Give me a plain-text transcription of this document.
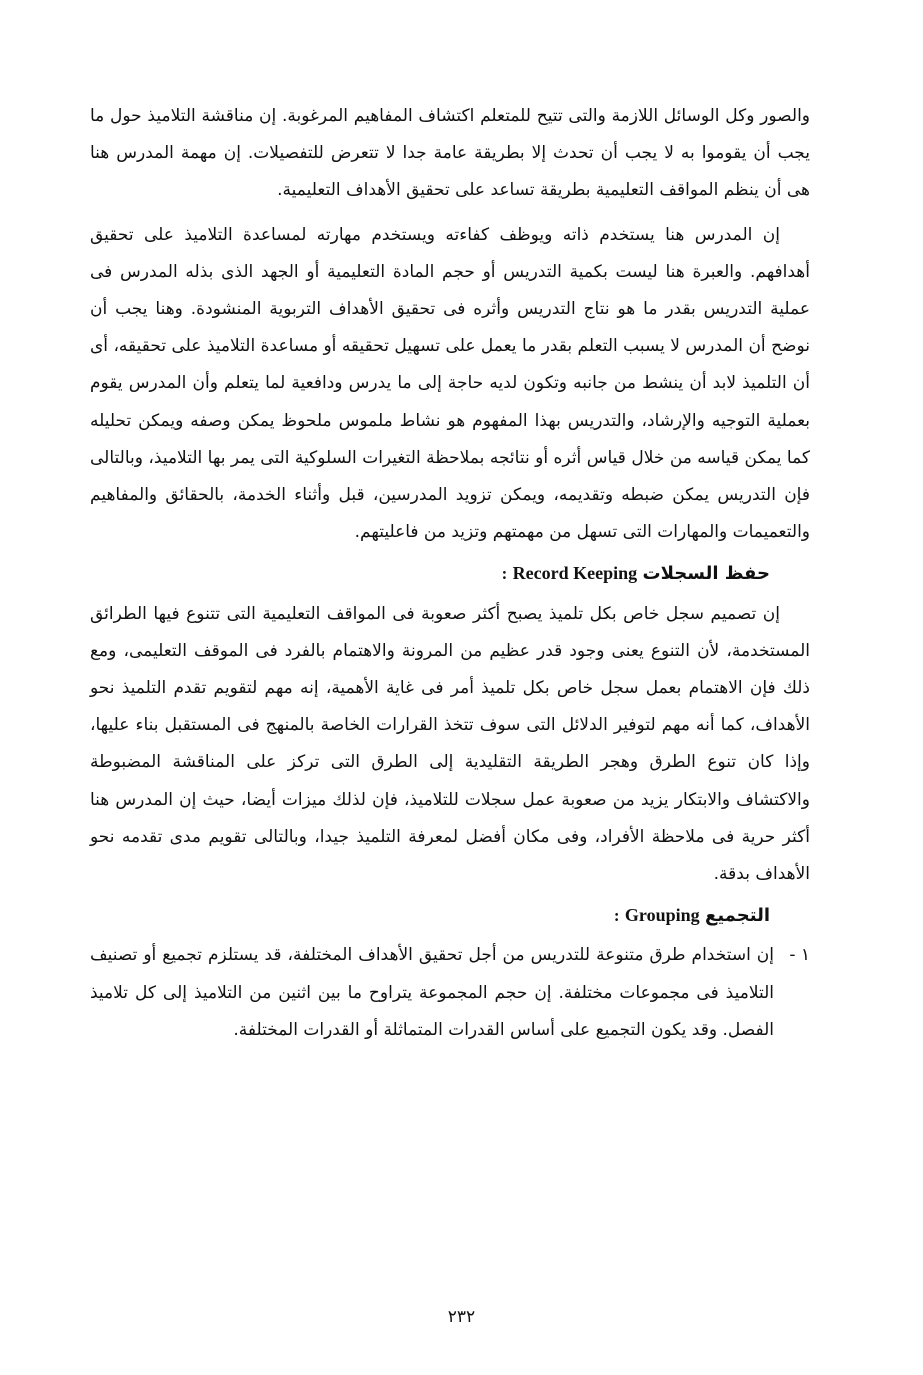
والصور وكل الوسائل اللازمة والتى تتيح للمتعلم اكتشاف المفاهيم المرغوبة. إن مناقشة التلاميذ حول ما يجب أن يقوموا به لا يجب أن تحدث إلا بطريقة عامة جدا لا تتعرض للتفصيلات. إن مهمة المدرس هنا هى أن ينظم المواقف التعليمية بطريقة تساعد على تحقيق الأهداف التعليمية.

إن المدرس هنا يستخدم ذاته ويوظف كفاءته ويستخدم مهارته لمساعدة التلاميذ على تحقيق أهدافهم. والعبرة هنا ليست بكمية التدريس أو حجم المادة التعليمية أو الجهد الذى بذله المدرس فى عملية التدريس بقدر ما هو نتاج التدريس وأثره فى تحقيق الأهداف التربوية المنشودة. وهنا يجب أن نوضح أن المدرس لا يسبب التعلم بقدر ما يعمل على تسهيل تحقيقه أو مساعدة التلاميذ على تحقيقه، أى أن التلميذ لابد أن ينشط من جانبه وتكون لديه حاجة إلى ما يدرس ودافعية لما يتعلم وأن المدرس يقوم بعملية التوجيه والإرشاد، والتدريس بهذا المفهوم هو نشاط ملموس ملحوظ يمكن وصفه ويمكن تحليله كما يمكن قياسه من خلال قياس أثره أو نتائجه بملاحظة التغيرات السلوكية التى يمر بها التلاميذ، وبالتالى فإن التدريس يمكن ضبطه وتقديمه، ويمكن تزويد المدرسين، قبل وأثناء الخدمة، بالحقائق والمفاهيم والتعميمات والمهارات التى تسهل من مهمتهم وتزيد من فاعليتهم.

حفظ السجلات Record Keeping :

إن تصميم سجل خاص بكل تلميذ يصبح أكثر صعوبة فى المواقف التعليمية التى تتنوع فيها الطرائق المستخدمة، لأن التنوع يعنى وجود قدر عظيم من المرونة والاهتمام بالفرد فى الموقف التعليمى، ومع ذلك فإن الاهتمام بعمل سجل خاص بكل تلميذ أمر فى غاية الأهمية، إنه مهم لتقويم تقدم التلميذ نحو الأهداف، كما أنه مهم لتوفير الدلائل التى سوف تتخذ القرارات الخاصة بالمنهج فى المستقبل بناء عليها، وإذا كان تنوع الطرق وهجر الطريقة التقليدية إلى الطرق التى تركز على المناقشة المضبوطة والاكتشاف والابتكار يزيد من صعوبة عمل سجلات للتلاميذ، فإن لذلك ميزات أيضا، حيث إن المدرس هنا أكثر حرية فى ملاحظة الأفراد، وفى مكان أفضل لمعرفة التلميذ جيدا، وبالتالى تقويم مدى تقدمه نحو الأهداف بدقة.

التجميع Grouping :
١ -
إن استخدام طرق متنوعة للتدريس من أجل تحقيق الأهداف المختلفة، قد يستلزم تجميع أو تصنيف التلاميذ فى مجموعات مختلفة. إن حجم المجموعة يتراوح ما بين اثنين من التلاميذ إلى كل تلاميذ الفصل. وقد يكون التجميع على أساس القدرات المتماثلة أو القدرات المختلفة.
٢٣٢
